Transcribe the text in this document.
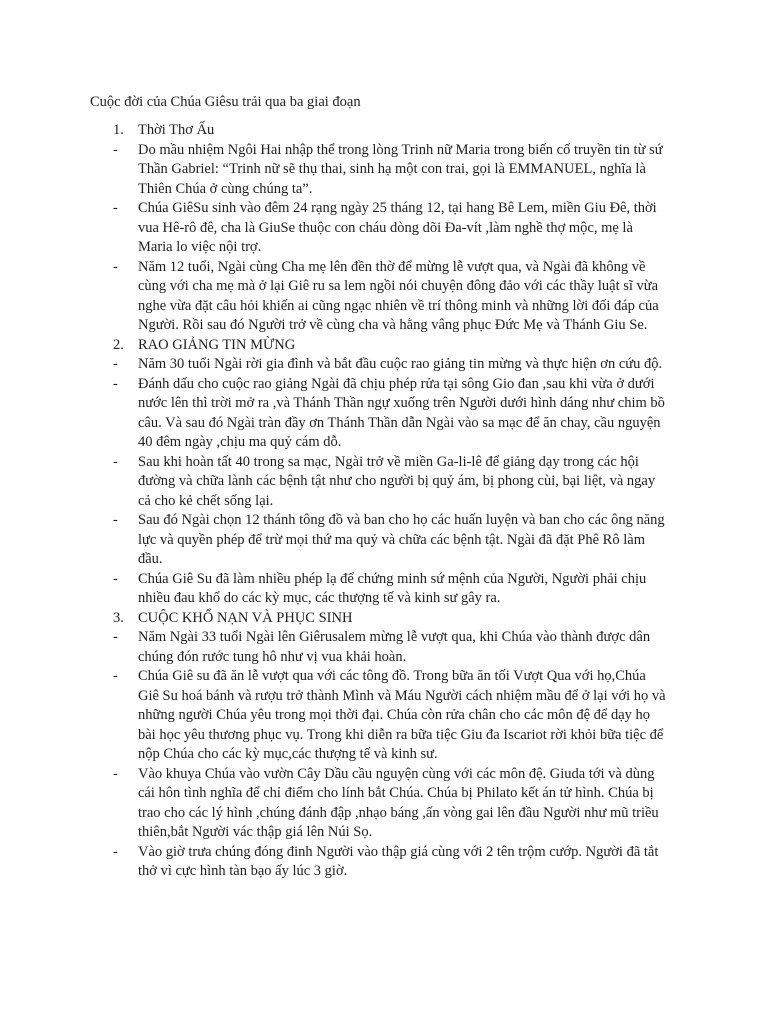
Cuộc đời của Chúa Giêsu trải qua ba giai đoạn

1. Thời Thơ Ấu
- Do mầu nhiệm Ngôi Hai nhập thể trong lòng Trinh nữ Maria trong biến cố truyền tin từ sứ Thần Gabriel: “Trinh nữ sẽ thụ thai, sinh hạ một con trai, gọi là EMMANUEL, nghĩa là Thiên Chúa ở cùng chúng ta”.
- Chúa GiêSu sinh vào đêm 24 rạng ngày 25 tháng 12, tại hang Bê Lem, miền Giu Đê, thời vua Hê-rô đê, cha là GiuSe thuộc con cháu dòng dõi Đa-vít ,làm nghề thợ mộc, mẹ là Maria lo việc nội trợ.
- Năm 12 tuổi, Ngài cùng Cha mẹ lên đền thờ để mừng lễ vượt qua, và Ngài đã không về cùng với cha mẹ mà ở lại Giê ru sa lem ngồi nói chuyện đông đảo với các thầy luật sĩ vừa nghe vừa đặt câu hỏi khiến ai cũng ngạc nhiên về trí thông minh và những lời đối đáp của Người. Rồi sau đó Người trở về cùng cha và hằng vâng phục Đức Mẹ và Thánh Giu Se.
2. RAO GIẢNG TIN MỪNG
- Năm 30 tuổi Ngài rời gia đình và bắt đầu cuộc rao giảng tin mừng và thực hiện ơn cứu độ.
- Đánh dấu cho cuộc rao giảng Ngài đã chịu phép rửa tại sông Gio đan ,sau khi vừa ở dưới nước lên thì trời mở ra ,và Thánh Thần ngự xuống trên Người dưới hình dáng như chim bồ câu. Và sau đó Ngài tràn đầy ơn Thánh Thần dẫn Ngài vào sa mạc để ăn chay, cầu nguyện 40 đêm ngày ,chịu ma quỷ cám dỗ.
- Sau khi hoàn tất 40 trong sa mạc, Ngài trở về miền Ga-li-lê để giảng dạy trong các hội đường và chữa lành các bệnh tật như cho người bị quỷ ám, bị phong cùi, bại liệt, và ngay cả cho kẻ chết sống lại.
- Sau đó Ngài chọn 12 thánh tông đồ và ban cho họ các huấn luyện và ban cho các ông năng lực và quyền phép để trừ mọi thứ ma quỷ và chữa các bệnh tật. Ngài đã đặt Phê Rô làm đầu.
- Chúa Giê Su đã làm nhiều phép lạ để chứng minh sứ mệnh của Người, Người phải chịu nhiều đau khổ do các kỳ mục, các thượng tế và kinh sư gây ra.
3. CUỘC KHỔ NẠN VÀ PHỤC SINH
- Năm Ngài 33 tuổi Ngài lên Giêrusalem mừng lễ vượt qua, khi Chúa vào thành được dân chúng đón rước tung hô như vị vua khải hoàn.
- Chúa Giê su đã ăn lễ vượt qua với các tông đồ. Trong bữa ăn tối Vượt Qua với họ,Chúa Giê Su hoá bánh và rượu trở thành Mình và Máu Người cách nhiệm mầu để ở lại với họ và những người Chúa yêu trong mọi thời đại. Chúa còn rửa chân cho các môn đệ để dạy họ bài học yêu thương phục vụ. Trong khi diễn ra bữa tiệc Giu đa Iscariot rời khỏi bữa tiệc để nộp Chúa cho các kỳ mục,các thượng tế và kinh sư.
- Vào khuya Chúa vào vườn Cây Dầu cầu nguyện cùng với các môn đệ. Giuda tới và dùng cái hôn tình nghĩa để chỉ điểm cho lính bắt Chúa. Chúa bị Philato kết án tử hình. Chúa bị trao cho các lý hình ,chúng đánh đập ,nhạo báng ,ấn vòng gai lên đầu Người như mũ triều thiên,bắt Người vác thập giá lên Núi Sọ.
- Vào giờ trưa chúng đóng đinh Người vào thập giá cùng với 2 tên trộm cướp. Người đã tắt thở vì cực hình tàn bạo ấy lúc 3 giờ.
